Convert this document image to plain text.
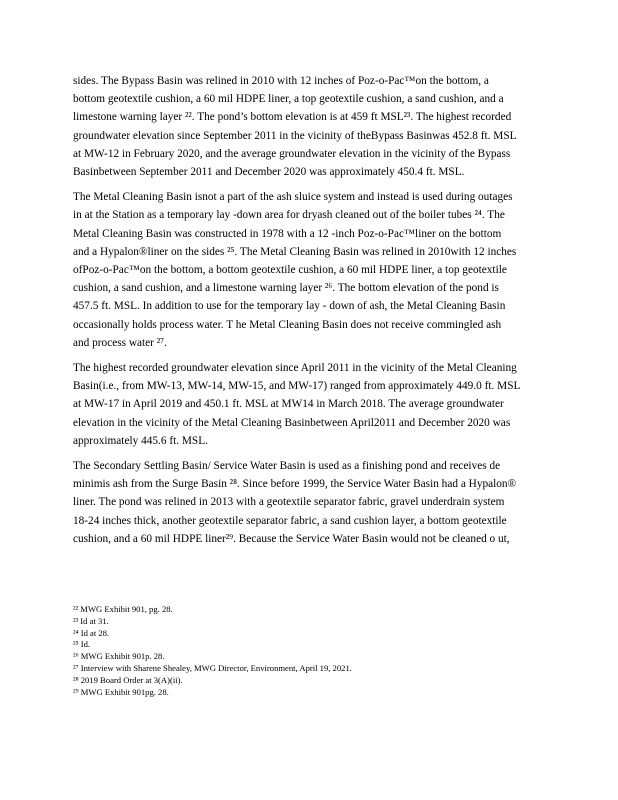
sides. The Bypass Basin was relined in 2010 with 12 inches of Poz-o-Pac™on the bottom, a
bottom geotextile cushion, a 60 mil HDPE liner, a top geotextile cushion, a sand cushion, and a
limestone warning layer ²². The pond’s bottom elevation is at 459 ft MSL²³. The highest recorded
groundwater elevation since September 2011 in the vicinity of theBypass Basinwas 452.8 ft. MSL
at MW-12 in February 2020, and the average groundwater elevation in the vicinity of the Bypass
Basinbetween September 2011 and December 2020 was approximately 450.4 ft. MSL.

The Metal Cleaning Basin isnot a part of the ash sluice system and instead is used during outages
in at the Station as a temporary lay -down area for dryash cleaned out of the boiler tubes ²⁴. The
Metal Cleaning Basin was constructed in 1978 with a 12 -inch Poz-o-Pac™liner on the bottom
and a Hypalon®liner on the sides ²⁵. The Metal Cleaning Basin was relined in 2010with 12 inches
ofPoz-o-Pac™on the bottom, a bottom geotextile cushion, a 60 mil HDPE liner, a top geotextile
cushion, a sand cushion, and a limestone warning layer ²⁶. The bottom elevation of the pond is
457.5 ft. MSL. In addition to use for the temporary lay - down of ash, the Metal Cleaning Basin
occasionally holds process water. T he Metal Cleaning Basin does not receive commingled ash
and process water ²⁷.

The highest recorded groundwater elevation since April 2011 in the vicinity of the Metal Cleaning
Basin(i.e., from MW-13, MW-14, MW-15, and MW-17) ranged from approximately 449.0 ft. MSL
at MW-17 in April 2019 and 450.1 ft. MSL at MW14 in March 2018. The average groundwater
elevation in the vicinity of the Metal Cleaning Basinbetween April2011 and December 2020 was
approximately 445.6 ft. MSL.

The Secondary Settling Basin/ Service Water Basin is used as a finishing pond and receives de
minimis ash from the Surge Basin ²⁸. Since before 1999, the Service Water Basin had a Hypalon®
liner. The pond was relined in 2013 with a geotextile separator fabric, gravel underdrain system
18-24 inches thick, another geotextile separator fabric, a sand cushion layer, a bottom geotextile
cushion, and a 60 mil HDPE liner²⁹. Because the Service Water Basin would not be cleaned o ut,

²² MWG Exhibit 901, pg. 28.
²³ Id at 31.
²⁴ Id at 28.
²⁵ Id.
²⁶ MWG Exhibit 901p. 28.
²⁷ Interview with Sharene Shealey, MWG Director, Environment, April 19, 2021.
²⁸ 2019 Board Order at 3(A)(ii).
²⁹ MWG Exhibit 901pg. 28.
